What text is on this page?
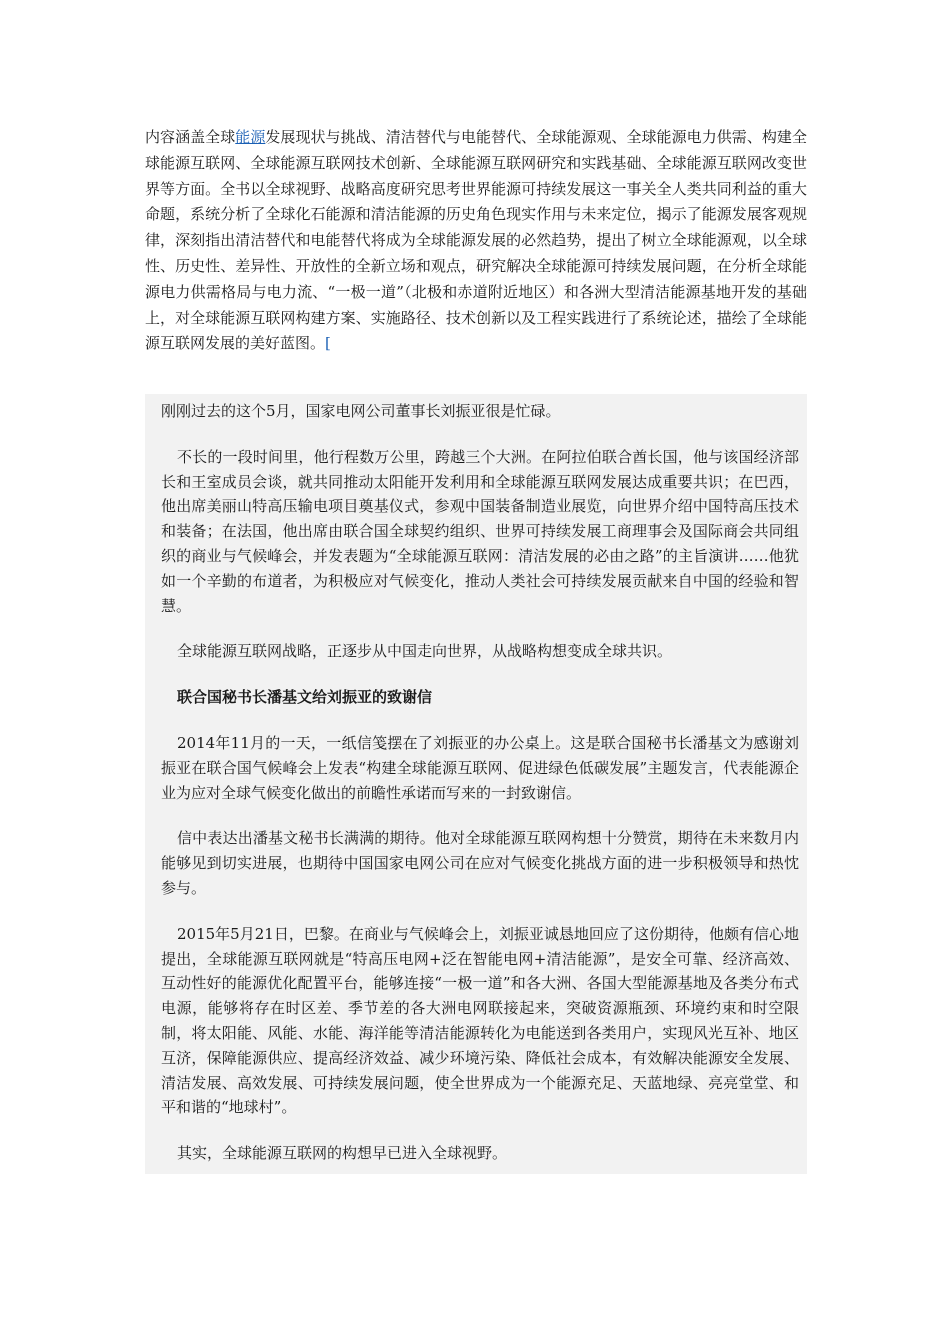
内容涵盖全球能源发展现状与挑战、清洁替代与电能替代、全球能源观、全球能源电力供需、构建全球能源互联网、全球能源互联网技术创新、全球能源互联网研究和实践基础、全球能源互联网改变世界等方面。全书以全球视野、战略高度研究思考世界能源可持续发展这一事关全人类共同利益的重大命题，系统分析了全球化石能源和清洁能源的历史角色现实作用与未来定位，揭示了能源发展客观规律，深刻指出清洁替代和电能替代将成为全球能源发展的必然趋势，提出了树立全球能源观，以全球性、历史性、差异性、开放性的全新立场和观点，研究解决全球能源可持续发展问题，在分析全球能源电力供需格局与电力流、“一极一道”（北极和赤道附近地区）和各洲大型清洁能源基地开发的基础上，对全球能源互联网构建方案、实施路径、技术创新以及工程实践进行了系统论述，描绘了全球能源互联网发展的美好蓝图。[

刚刚过去的这个5月，国家电网公司董事长刘振亚很是忙碌。

不长的一段时间里，他行程数万公里，跨越三个大洲。在阿拉伯联合酋长国，他与该国经济部长和王室成员会谈，就共同推动太阳能开发利用和全球能源互联网发展达成重要共识；在巴西，他出席美丽山特高压输电项目奠基仪式，参观中国装备制造业展览，向世界介绍中国特高压技术和装备；在法国，他出席由联合国全球契约组织、世界可持续发展工商理事会及国际商会共同组织的商业与气候峰会，并发表题为“全球能源互联网：清洁发展的必由之路”的主旨演讲……他犹如一个辛勤的布道者，为积极应对气候变化，推动人类社会可持续发展贡献来自中国的经验和智慧。

全球能源互联网战略，正逐步从中国走向世界，从战略构想变成全球共识。

联合国秘书长潘基文给刘振亚的致谢信

2014年11月的一天，一纸信笺摆在了刘振亚的办公桌上。这是联合国秘书长潘基文为感谢刘振亚在联合国气候峰会上发表“构建全球能源互联网、促进绿色低碳发展”主题发言，代表能源企业为应对全球气候变化做出的前瞻性承诺而写来的一封致谢信。

信中表达出潘基文秘书长满满的期待。他对全球能源互联网构想十分赞赏，期待在未来数月内能够见到切实进展，也期待中国国家电网公司在应对气候变化挑战方面的进一步积极领导和热忱参与。

2015年5月21日，巴黎。在商业与气候峰会上，刘振亚诚恳地回应了这份期待，他颇有信心地提出，全球能源互联网就是“特高压电网+泛在智能电网+清洁能源”，是安全可靠、经济高效、互动性好的能源优化配置平台，能够连接“一极一道”和各大洲、各国大型能源基地及各类分布式电源，能够将存在时区差、季节差的各大洲电网联接起来，突破资源瓶颈、环境约束和时空限制，将太阳能、风能、水能、海洋能等清洁能源转化为电能送到各类用户，实现风光互补、地区互济，保障能源供应、提高经济效益、减少环境污染、降低社会成本，有效解决能源安全发展、清洁发展、高效发展、可持续发展问题，使全世界成为一个能源充足、天蓝地绿、亮亮堂堂、和平和谐的“地球村”。

其实，全球能源互联网的构想早已进入全球视野。
